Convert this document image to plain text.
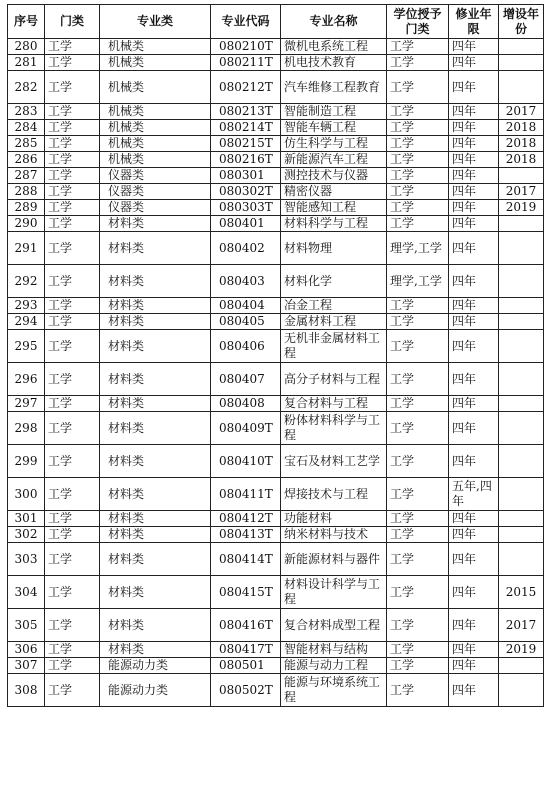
序号	门类	专业类	专业代码	专业名称	学位授予门类	修业年限	增设年份
280	工学	机械类	080210T	微机电系统工程	工学	四年	
281	工学	机械类	080211T	机电技术教育	工学	四年	
282	工学	机械类	080212T	汽车维修工程教育	工学	四年	
283	工学	机械类	080213T	智能制造工程	工学	四年	2017
284	工学	机械类	080214T	智能车辆工程	工学	四年	2018
285	工学	机械类	080215T	仿生科学与工程	工学	四年	2018
286	工学	机械类	080216T	新能源汽车工程	工学	四年	2018
287	工学	仪器类	080301	测控技术与仪器	工学	四年	
288	工学	仪器类	080302T	精密仪器	工学	四年	2017
289	工学	仪器类	080303T	智能感知工程	工学	四年	2019
290	工学	材料类	080401	材料科学与工程	工学	四年	
291	工学	材料类	080402	材料物理	理学,工学	四年	
292	工学	材料类	080403	材料化学	理学,工学	四年	
293	工学	材料类	080404	冶金工程	工学	四年	
294	工学	材料类	080405	金属材料工程	工学	四年	
295	工学	材料类	080406	无机非金属材料工程	工学	四年	
296	工学	材料类	080407	高分子材料与工程	工学	四年	
297	工学	材料类	080408	复合材料与工程	工学	四年	
298	工学	材料类	080409T	粉体材料科学与工程	工学	四年	
299	工学	材料类	080410T	宝石及材料工艺学	工学	四年	
300	工学	材料类	080411T	焊接技术与工程	工学	五年,四年	
301	工学	材料类	080412T	功能材料	工学	四年	
302	工学	材料类	080413T	纳米材料与技术	工学	四年	
303	工学	材料类	080414T	新能源材料与器件	工学	四年	
304	工学	材料类	080415T	材料设计科学与工程	工学	四年	2015
305	工学	材料类	080416T	复合材料成型工程	工学	四年	2017
306	工学	材料类	080417T	智能材料与结构	工学	四年	2019
307	工学	能源动力类	080501	能源与动力工程	工学	四年	
308	工学	能源动力类	080502T	能源与环境系统工程	工学	四年	
